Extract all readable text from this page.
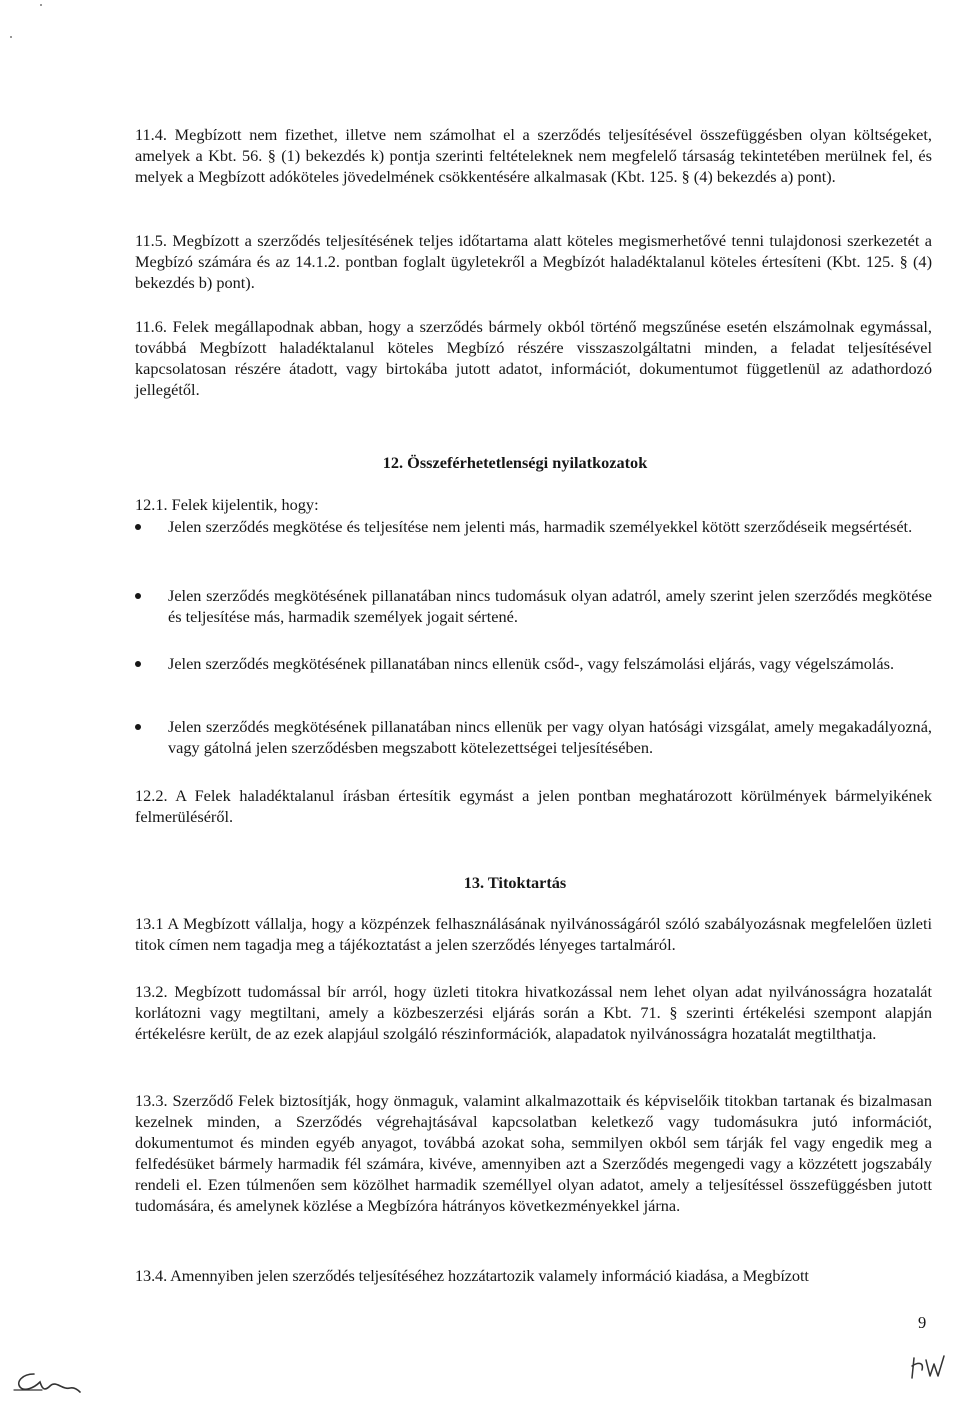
11.4. Megbízott nem fizethet, illetve nem számolhat el a szerződés teljesítésével összefüggésben olyan költségeket, amelyek a Kbt. 56. § (1) bekezdés k) pontja szerinti feltételeknek nem megfelelő társaság tekintetében merülnek fel, és melyek a Megbízott adóköteles jövedelmének csökkentésére alkalmasak (Kbt. 125. § (4) bekezdés a) pont).

11.5. Megbízott a szerződés teljesítésének teljes időtartama alatt köteles megismerhetővé tenni tulajdonosi szerkezetét a Megbízó számára és az 14.1.2. pontban foglalt ügyletekről a Megbízót haladéktalanul köteles értesíteni (Kbt. 125. § (4) bekezdés b) pont).

11.6. Felek megállapodnak abban, hogy a szerződés bármely okból történő megszűnése esetén elszámolnak egymással, továbbá Megbízott haladéktalanul köteles Megbízó részére visszaszolgáltatni minden, a feladat teljesítésével kapcsolatosan részére átadott, vagy birtokába jutott adatot, információt, dokumentumot függetlenül az adathordozó jellegétől.

12. Összeférhetetlenségi nyilatkozatok

12.1. Felek kijelentik, hogy:

Jelen szerződés megkötése és teljesítése nem jelenti más, harmadik személyekkel kötött szerződéseik megsértését.
Jelen szerződés megkötésének pillanatában nincs tudomásuk olyan adatról, amely szerint jelen szerződés megkötése és teljesítése más, harmadik személyek jogait sértené.
Jelen szerződés megkötésének pillanatában nincs ellenük csőd-, vagy felszámolási eljárás, vagy végelszámolás.
Jelen szerződés megkötésének pillanatában nincs ellenük per vagy olyan hatósági vizsgálat, amely megakadályozná, vagy gátolná jelen szerződésben megszabott kötelezettségei teljesítésében.

12.2. A Felek haladéktalanul írásban értesítik egymást a jelen pontban meghatározott körülmények bármelyikének felmerüléséről.

13. Titoktartás

13.1 A Megbízott vállalja, hogy a közpénzek felhasználásának nyilvánosságáról szóló szabályozásnak megfelelően üzleti titok címen nem tagadja meg a tájékoztatást a jelen szerződés lényeges tartalmáról.

13.2. Megbízott tudomással bír arról, hogy üzleti titokra hivatkozással nem lehet olyan adat nyilvánosságra hozatalát korlátozni vagy megtiltani, amely a közbeszerzési eljárás során a Kbt. 71. § szerinti értékelési szempont alapján értékelésre került, de az ezek alapjául szolgáló részinformációk, alapadatok nyilvánosságra hozatalát megtilthatja.

13.3. Szerződő Felek biztosítják, hogy önmaguk, valamint alkalmazottaik és képviselőik titokban tartanak és bizalmasan kezelnek minden, a Szerződés végrehajtásával kapcsolatban keletkező vagy tudomásukra jutó információt, dokumentumot és minden egyéb anyagot, továbbá azokat soha, semmilyen okból sem tárják fel vagy engedik meg a felfedésüket bármely harmadik fél számára, kivéve, amennyiben azt a Szerződés megengedi vagy a közzétett jogszabály rendeli el. Ezen túlmenően sem közölhet harmadik személlyel olyan adatot, amely a teljesítéssel összefüggésben jutott tudomására, és amelynek közlése a Megbízóra hátrányos következményekkel járna.

13.4. Amennyiben jelen szerződés teljesítéséhez hozzátartozik valamely információ kiadása, a Megbízott

9
